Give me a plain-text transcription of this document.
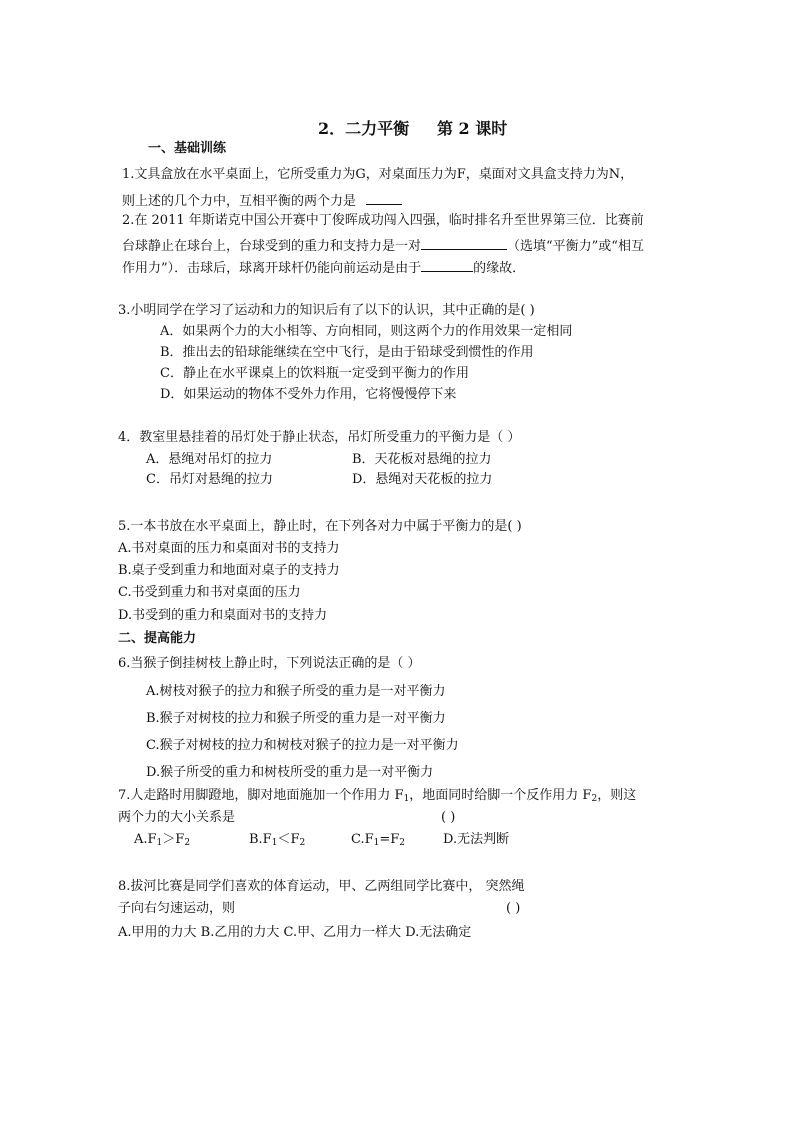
2．二力平衡     第 2 课时
一、基础训练
1.文具盒放在水平桌面上，它所受重力为G，对桌面压力为F，桌面对文具盒支持力为N，
则上述的几个力中，互相平衡的两个力是
2.在 2011 年斯诺克中国公开赛中丁俊晖成功闯入四强，临时排名升至世界第三位．比赛前
台球静止在球台上，台球受到的重力和支持力是一对	（选填“平衡力”或“相互
作用力”）．击球后，球离开球杆仍能向前运动是由于	的缘故．
3.小明同学在学习了运动和力的知识后有了以下的认识，其中正确的是( )
A．如果两个力的大小相等、方向相同，则这两个力的作用效果一定相同
B．推出去的铅球能继续在空中飞行，是由于铅球受到惯性的作用
C．静止在水平课桌上的饮料瓶一定受到平衡力的作用
D．如果运动的物体不受外力作用，它将慢慢停下来
4．教室里悬挂着的吊灯处于静止状态，吊灯所受重力的平衡力是（ ）
A．悬绳对吊灯的拉力	B．天花板对悬绳的拉力
C．吊灯对悬绳的拉力	D．悬绳对天花板的拉力
5.一本书放在水平桌面上，静止时，在下列各对力中属于平衡力的是( )
A.书对桌面的压力和桌面对书的支持力
B.桌子受到重力和地面对桌子的支持力
C.书受到重力和书对桌面的压力
D.书受到的重力和桌面对书的支持力
二、提高能力
6.当猴子倒挂树枝上静止时，下列说法正确的是（ ）
A.树枝对猴子的拉力和猴子所受的重力是一对平衡力
B.猴子对树枝的拉力和猴子所受的重力是一对平衡力
C.猴子对树枝的拉力和树枝对猴子的拉力是一对平衡力
D.猴子所受的重力和树枝所受的重力是一对平衡力
7.人走路时用脚蹬地，脚对地面施加一个作用力 $F_1$，地面同时给脚一个反作用力 $F_2$，则这
两个力的大小关系是	( )
$A.F_1>F_2$	$B.F_1<F_2$	$C.F_1=F_2$	D.无法判断
8.拔河比赛是同学们喜欢的体育运动，甲、乙两组同学比赛中， 突然绳
子向右匀速运动，则	( )
A.甲用的力大 B.乙用的力大 C.甲、乙用力一样大 D.无法确定
